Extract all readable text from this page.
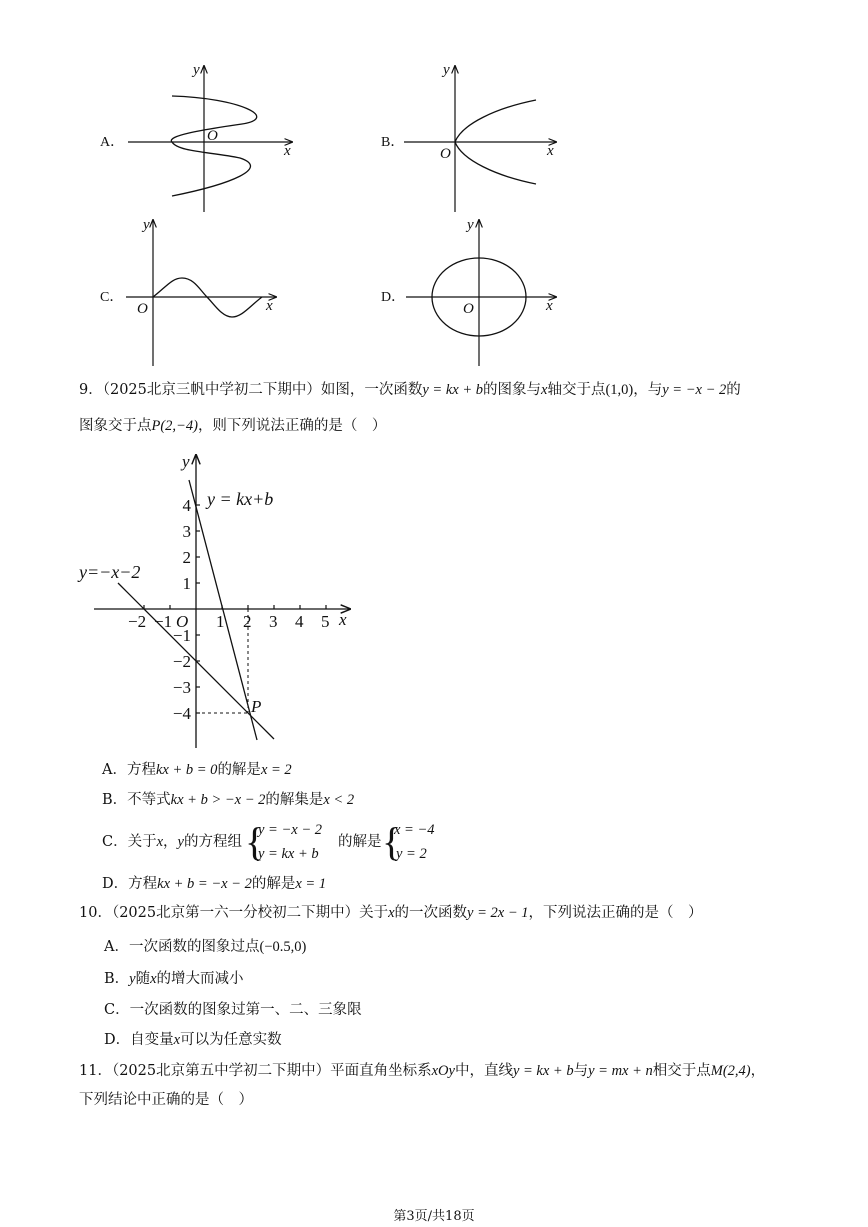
A．	O
x
y
B．
O	x
y
C．
O	x
y
D．
O	x
y
9．（2025北京三帆中学初二下期中）如图，一次函数y = kx + b的图象与x轴交于点(1,0)，与y = −x − 2的
图象交于点P(2,−4)，则下列说法正确的是（　）
−2 −1	1 2 3 4 5
4
3
2
1
−1
−2
−3
−4
O	x
y
P
y = kx+b
y=−x−2
A．方程kx + b = 0的解是x = 2
B．不等式kx + b > −x − 2的解集是x < 2
C．关于x，y的方程组 {
y = −x − 2
y = kx + b
的解是 {
x = −4
y = 2
D．方程kx + b = −x − 2的解是x = 1
10．（2025北京第一六一分校初二下期中）关于x的一次函数y = 2x − 1，下列说法正确的是（　）
A．一次函数的图象过点(−0.5,0)
B．y随x的增大而减小
C．一次函数的图象过第一、二、三象限
D．自变量x可以为任意实数
11．（2025北京第五中学初二下期中）平面直角坐标系xOy中，直线y = kx + b与y = mx + n相交于点M(2,4)，
下列结论中正确的是（　）
第3页/共18页
